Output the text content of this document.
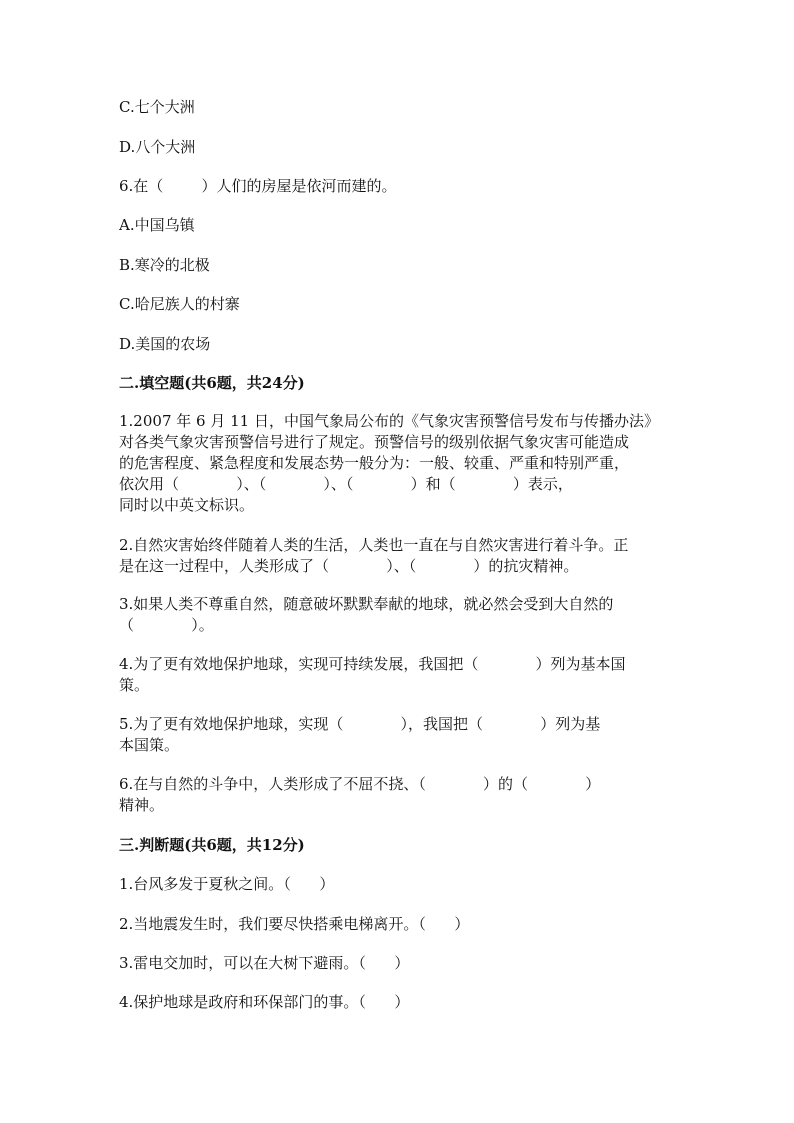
C.七个大洲
D.八个大洲
6.在（        ）人们的房屋是依河而建的。
A.中国乌镇
B.寒冷的北极
C.哈尼族人的村寨
D.美国的农场
二.填空题(共6题，共24分)
1.2007 年 6 月 11 日，中国气象局公布的《气象灾害预警信号发布与传播办法》
对各类气象灾害预警信号进行了规定。预警信号的级别依据气象灾害可能造成
的危害程度、紧急程度和发展态势一般分为：一般、较重、严重和特别严重，
依次用（            ）、（            ）、（            ）和（            ）表示，
同时以中英文标识。
2.自然灾害始终伴随着人类的生活，人类也一直在与自然灾害进行着斗争。正
是在这一过程中，人类形成了（            ）、（            ）的抗灾精神。
3.如果人类不尊重自然，随意破坏默默奉献的地球，就必然会受到大自然的
（            ）。
4.为了更有效地保护地球，实现可持续发展，我国把（            ）列为基本国
策。
5.为了更有效地保护地球，实现（            ），我国把（            ）列为基
本国策。
6.在与自然的斗争中，人类形成了不屈不挠、（            ）的（            ）
精神。
三.判断题(共6题，共12分)
1.台风多发于夏秋之间。（      ）
2.当地震发生时，我们要尽快搭乘电梯离开。（      ）
3.雷电交加时，可以在大树下避雨。（      ）
4.保护地球是政府和环保部门的事。（      ）
